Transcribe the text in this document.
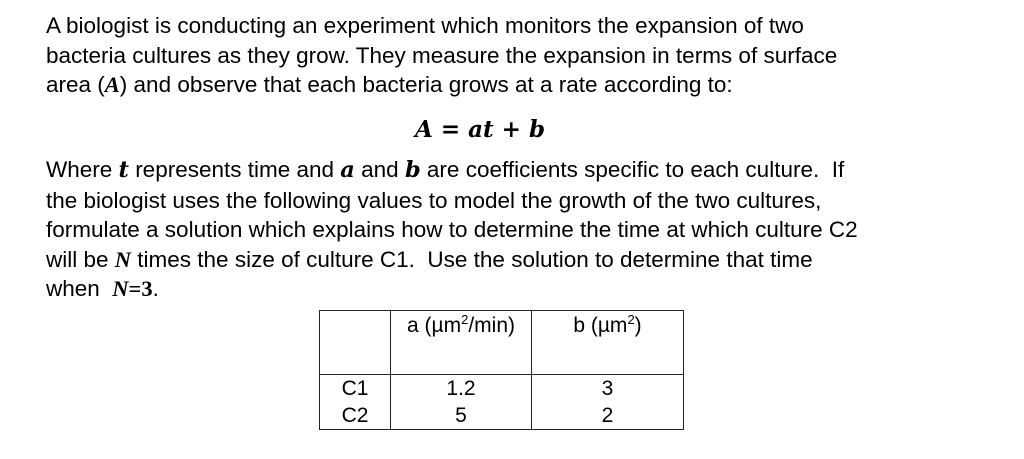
A biologist is conducting an experiment which monitors the expansion of two
bacteria cultures as they grow. They measure the expansion in terms of surface
area (A) and observe that each bacteria grows at a rate according to:
A = at + b
Where t represents time and a and b are coefficients specific to each culture.  If
the biologist uses the following values to model the growth of the two cultures,
formulate a solution which explains how to determine the time at which culture C2
will be N times the size of culture C1.  Use the solution to determine that time
when  N=3.
	a (µm$^2$/min)	b (µm$^2$)
C1	1.2	3
C2	5	2
